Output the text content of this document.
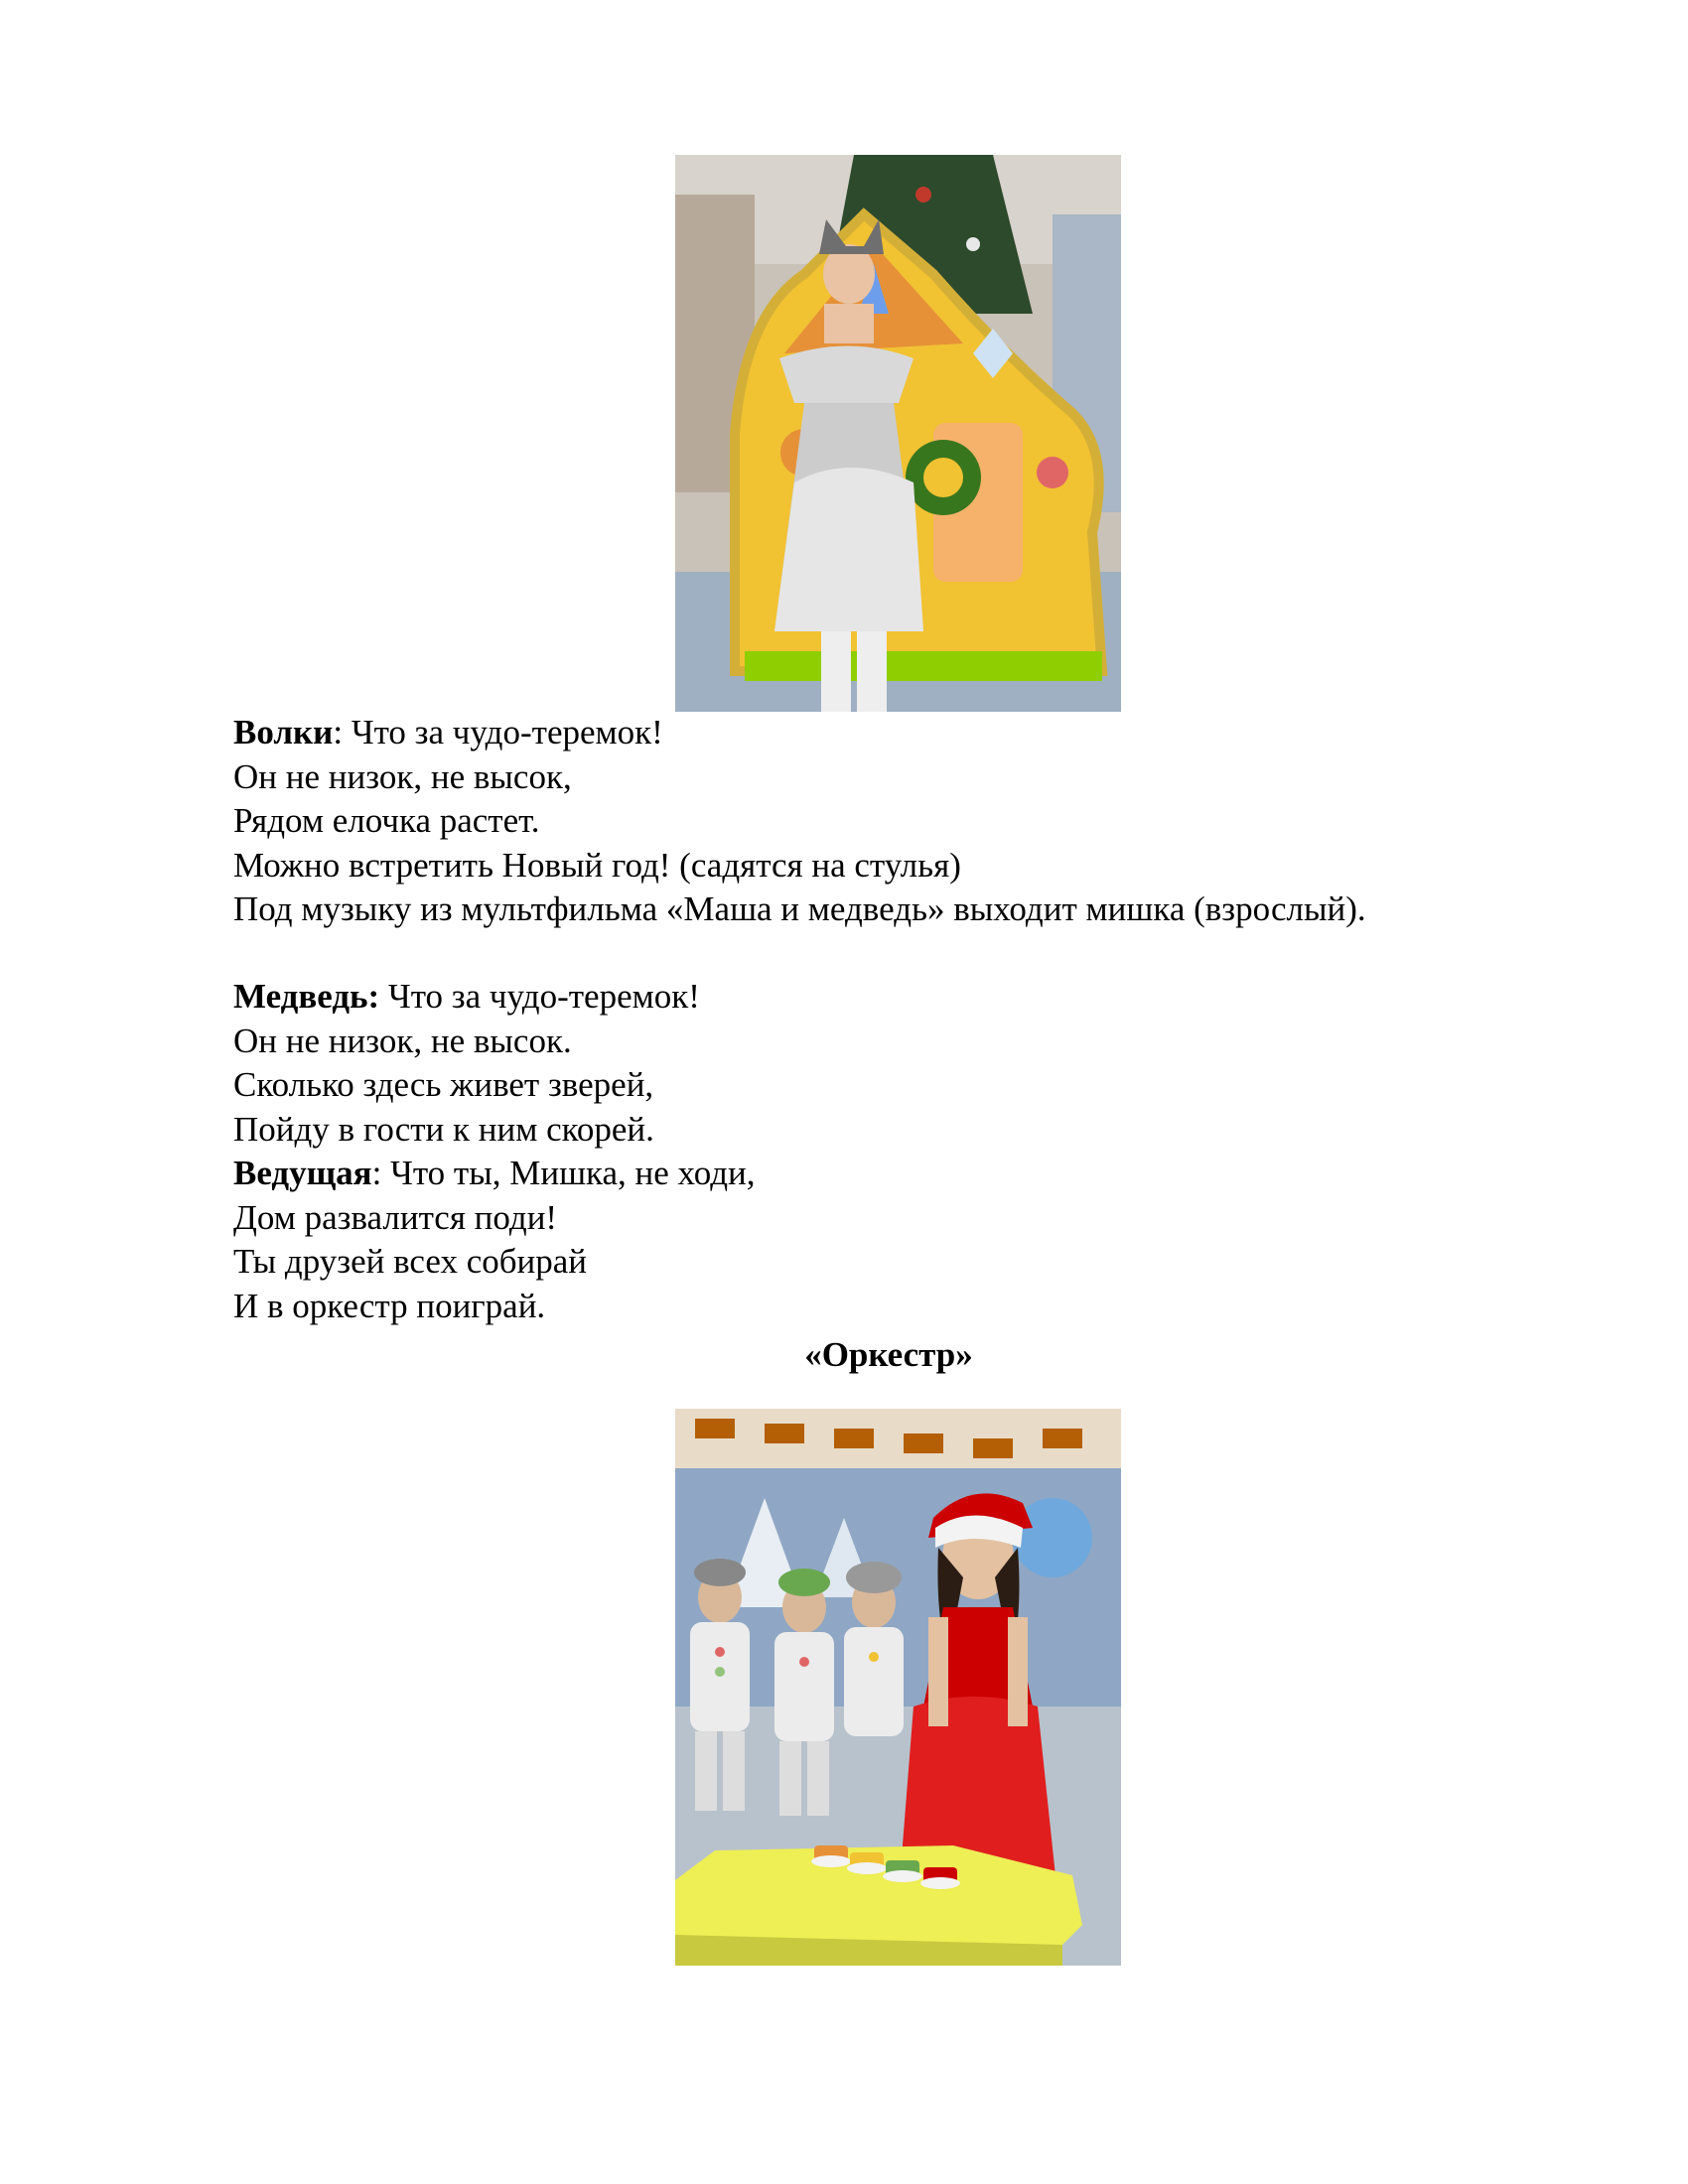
Волки: Что за чудо-теремок!
Он не низок, не высок,
Рядом елочка растет.
Можно встретить Новый год! (садятся на стулья)
Под музыку из мультфильма «Маша и медведь» выходит мишка (взрослый).
Медведь: Что за чудо-теремок!
Он не низок, не высок.
Сколько здесь живет зверей,
Пойду в гости к ним скорей.
Ведущая: Что ты, Мишка, не ходи,
Дом развалится поди!
Ты друзей всех собирай
И в оркестр поиграй.
«Оркестр»
